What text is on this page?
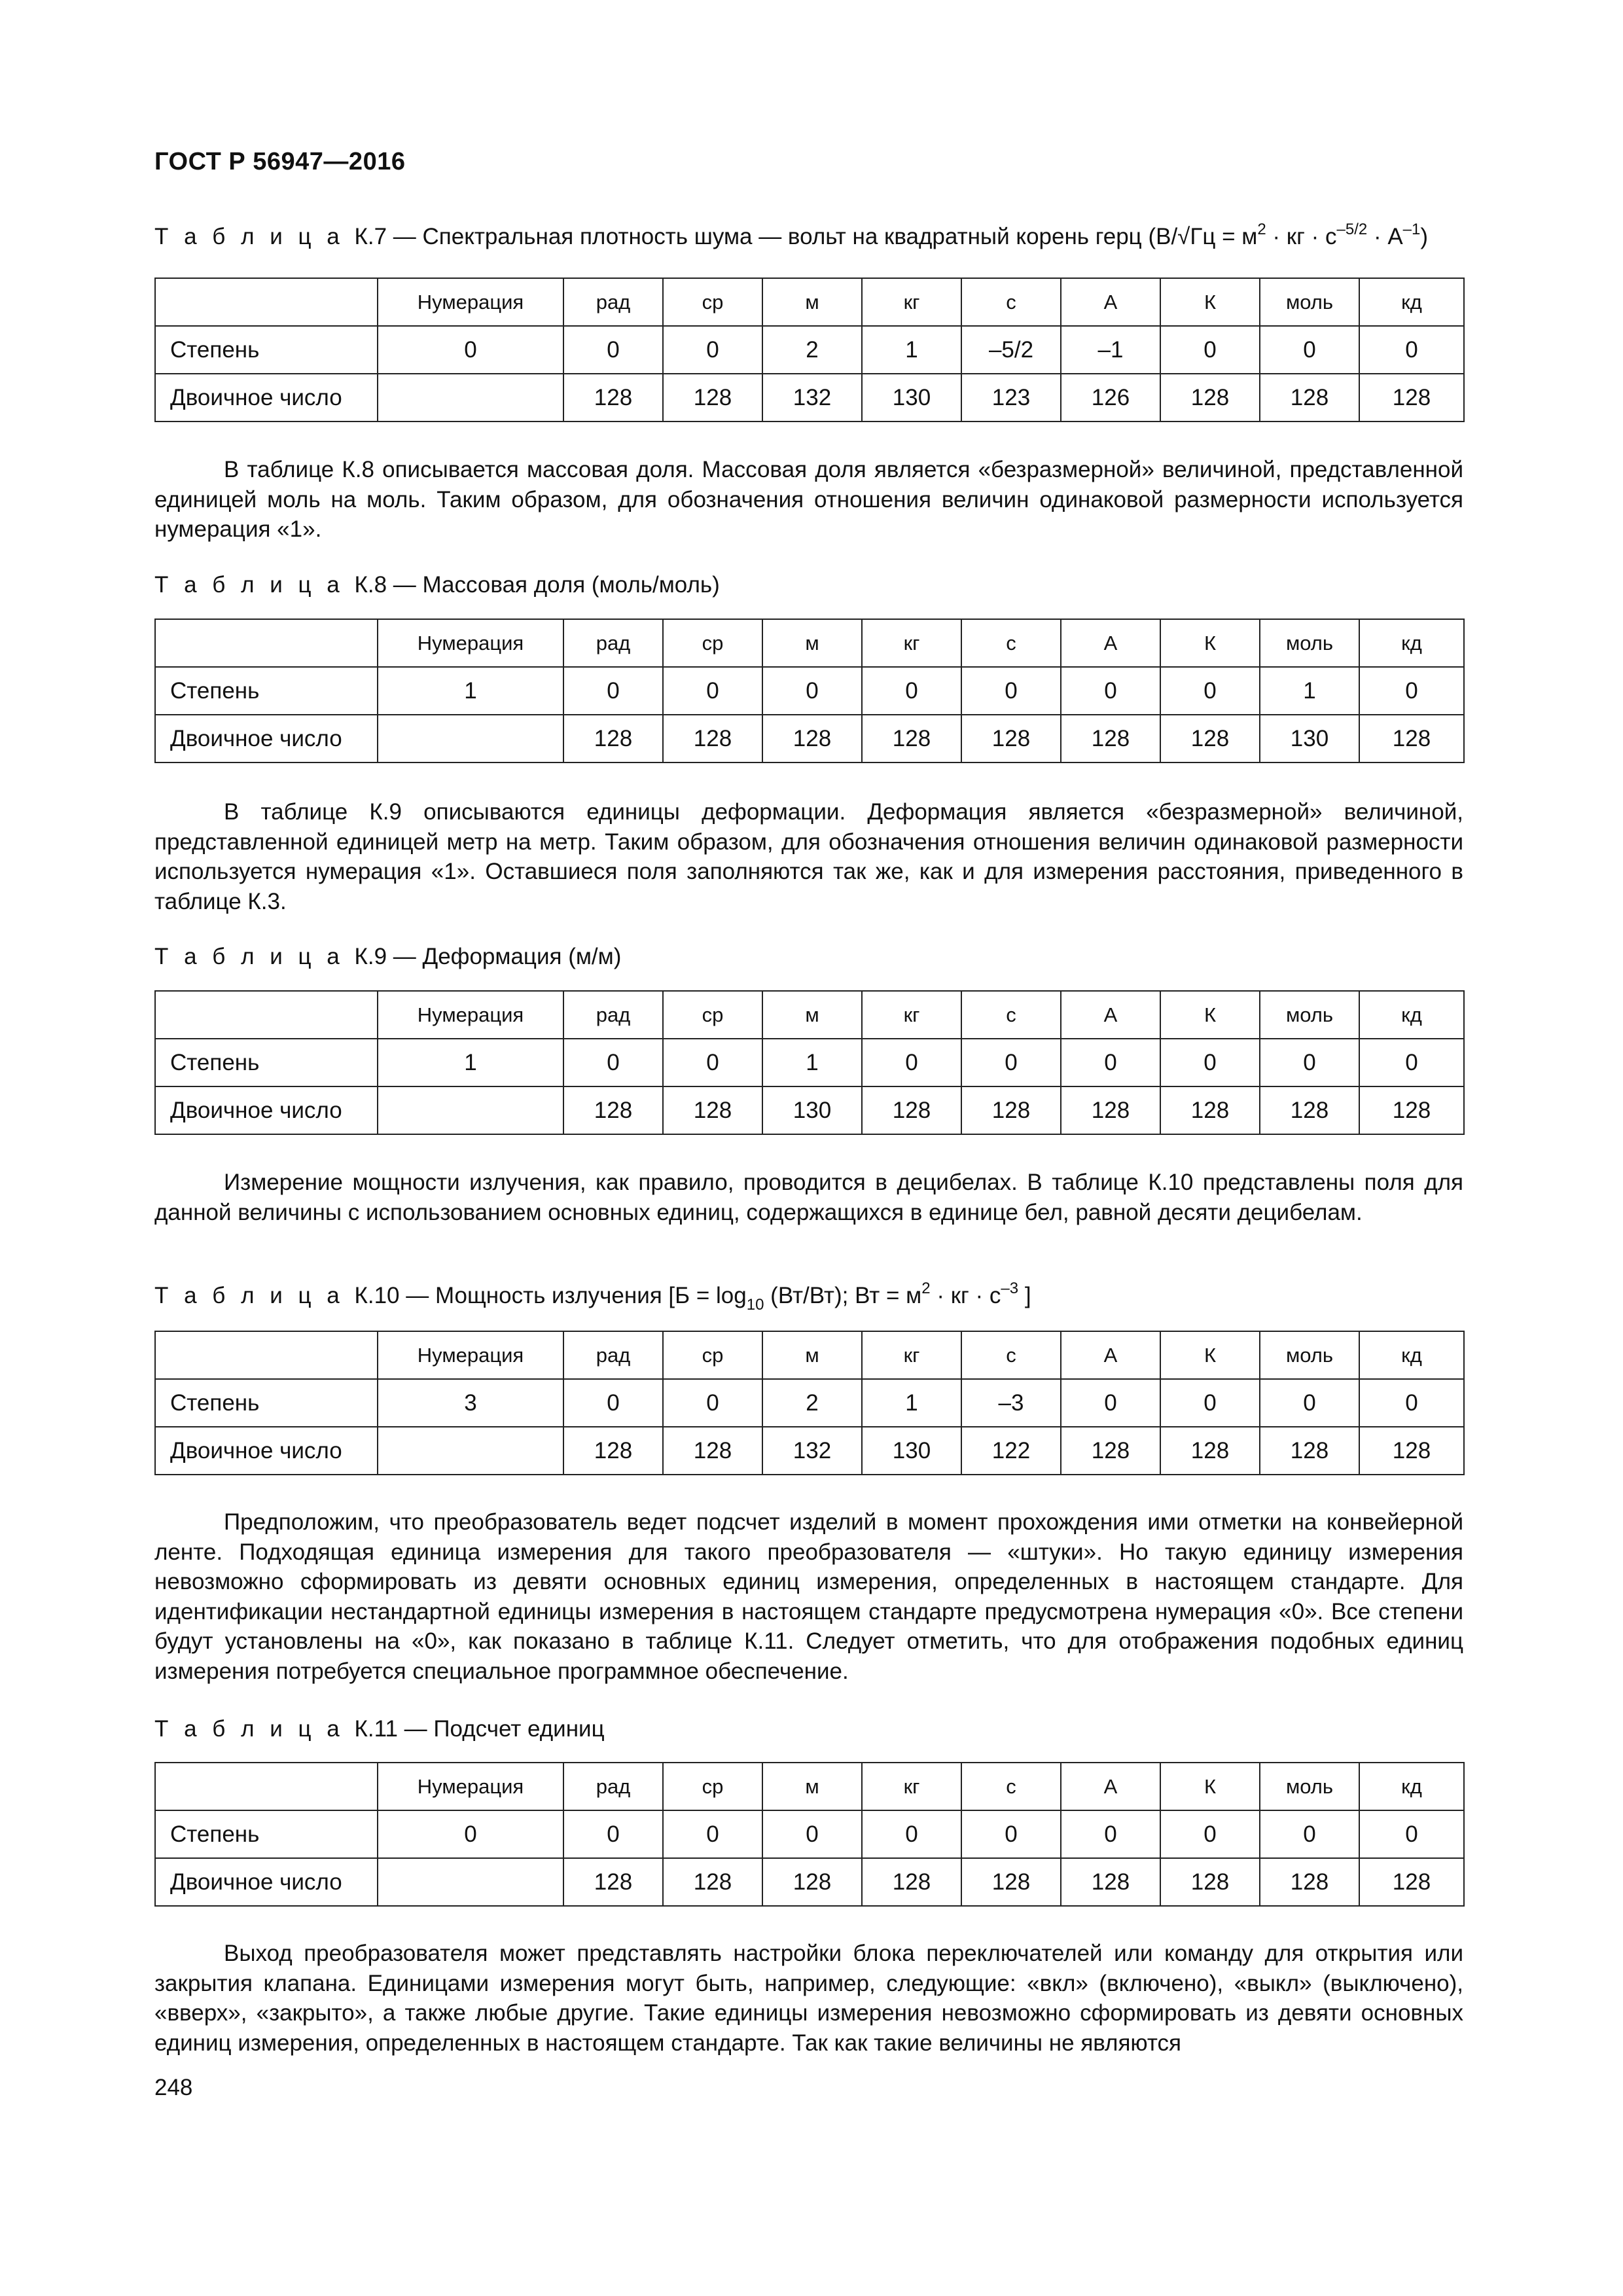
ГОСТ Р 56947—2016
Т а б л и ц а К.7 — Спектральная плотность шума — вольт на квадратный корень герц ($В/√Гц = м^2$ · кг · $с^{-5/2} \cdot А^{-1}$)
	Нумерация	рад	ср	м	кг	с	А	К	моль	кд
Степень	0	0	0	2	1	–5/2	–1	0	0	0
Двоичное число		128	128	132	130	123	126	128	128	128
В таблице К.8 описывается массовая доля. Массовая доля является «безразмерной» величиной, представленной единицей моль на моль. Таким образом, для обозначения отношения величин одинаковой размерности используется нумерация «1».
Т а б л и ц а К.8 — Массовая доля (моль/моль)
	Нумерация	рад	ср	м	кг	с	А	К	моль	кд
Степень	1	0	0	0	0	0	0	0	1	0
Двоичное число		128	128	128	128	128	128	128	130	128
В таблице К.9 описываются единицы деформации. Деформация является «безразмерной» величиной, представленной единицей метр на метр. Таким образом, для обозначения отношения величин одинаковой размерности используется нумерация «1». Оставшиеся поля заполняются так же, как и для измерения расстояния, приведенного в таблице К.3.
Т а б л и ц а К.9 — Деформация (м/м)
	Нумерация	рад	ср	м	кг	с	А	К	моль	кд
Степень	1	0	0	1	0	0	0	0	0	0
Двоичное число		128	128	130	128	128	128	128	128	128
Измерение мощности излучения, как правило, проводится в децибелах. В таблице К.10 представлены поля для данной величины с использованием основных единиц, содержащихся в единице бел, равной десяти децибелам.
Т а б л и ц а К.10 — Мощность излучения [$Б = \log_{10} (Вт/Вт)$; Вт = $м^2$ · кг · $с^{-3}$ ]
	Нумерация	рад	ср	м	кг	с	А	К	моль	кд
Степень	3	0	0	2	1	–3	0	0	0	0
Двоичное число		128	128	132	130	122	128	128	128	128
Предположим, что преобразователь ведет подсчет изделий в момент прохождения ими отметки на конвейерной ленте. Подходящая единица измерения для такого преобразователя — «штуки». Но такую единицу измерения невозможно сформировать из девяти основных единиц измерения, определенных в настоящем стандарте. Для идентификации нестандартной единицы измерения в настоящем стандарте предусмотрена нумерация «0». Все степени будут установлены на «0», как показано в таблице К.11. Следует отметить, что для отображения подобных единиц измерения потребуется специальное программное обеспечение.
Т а б л и ц а К.11 — Подсчет единиц
	Нумерация	рад	ср	м	кг	с	А	К	моль	кд
Степень	0	0	0	0	0	0	0	0	0	0
Двоичное число		128	128	128	128	128	128	128	128	128
Выход преобразователя может представлять настройки блока переключателей или команду для открытия или закрытия клапана. Единицами измерения могут быть, например, следующие: «вкл» (включено), «выкл» (выключено), «вверх», «закрыто», а также любые другие. Такие единицы измерения невозможно сформировать из девяти основных единиц измерения, определенных в настоящем стандарте. Так как такие величины не являются
248
